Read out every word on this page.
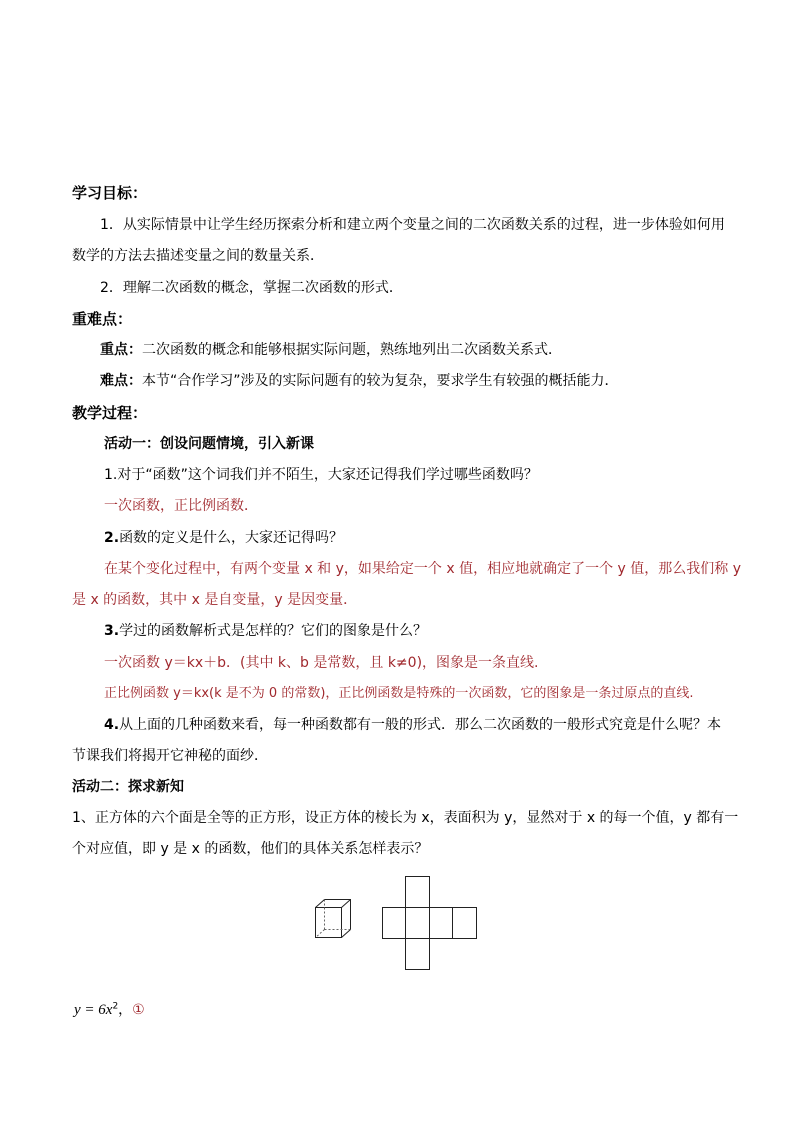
学习目标：
1．从实际情景中让学生经历探索分析和建立两个变量之间的二次函数关系的过程，进一步体验如何用
数学的方法去描述变量之间的数量关系．
2．理解二次函数的概念，掌握二次函数的形式．
重难点：
重点：二次函数的概念和能够根据实际问题，熟练地列出二次函数关系式．
难点：本节“合作学习”涉及的实际问题有的较为复杂，要求学生有较强的概括能力．
教学过程：
活动一：创设问题情境，引入新课
1.对于“函数”这个词我们并不陌生，大家还记得我们学过哪些函数吗？
一次函数，正比例函数．
2.函数的定义是什么，大家还记得吗？
在某个变化过程中，有两个变量 x 和 y，如果给定一个 x 值，相应地就确定了一个 y 值，那么我们称 y
是 x 的函数，其中 x 是自变量，y 是因变量．
3.学过的函数解析式是怎样的？它们的图象是什么？
一次函数 y＝kx＋b．(其中 k、b 是常数，且 k≠0)，图象是一条直线.
正比例函数 y＝kx(k 是不为 0 的常数)，正比例函数是特殊的一次函数，它的图象是一条过原点的直线.
4.从上面的几种函数来看，每一种函数都有一般的形式．那么二次函数的一般形式究竟是什么呢？本
节课我们将揭开它神秘的面纱．
活动二：探求新知
1、正方体的六个面是全等的正方形，设正方体的棱长为 x，表面积为 y，显然对于 x 的每一个值，y 都有一
个对应值，即 y 是 x 的函数，他们的具体关系怎样表示？
$y = 6x^2$，①
